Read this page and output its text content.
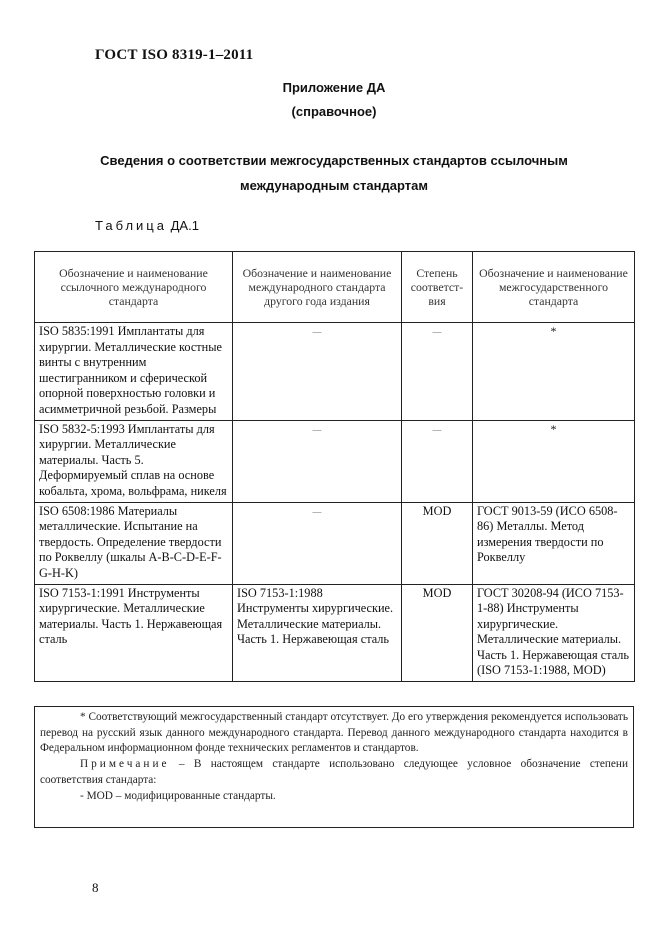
ГОСТ ISO 8319-1–2011
Приложение ДА
(справочное)
Сведения о соответствии межгосударственных стандартов ссылочным
международным стандартам
Таблица ДА.1
Обозначение и наименование ссылочного международного стандарта	Обозначение и наименование международного стандарта другого года издания	Степень соответст-вия	Обозначение и наименование межгосударственного стандарта
ISO 5835:1991 Имплантаты для хирургии. Металлические костные винты с внутренним шестигранником и сферической опорной поверхностью головки и асимметричной резьбой. Размеры	—	—	*
ISO 5832-5:1993 Имплантаты для хирургии. Металлические материалы. Часть 5. Деформируемый сплав на основе кобальта, хрома, вольфрама, никеля	—	—	*
ISO 6508:1986 Материалы металлические. Испытание на твердость. Определение твердости по Роквеллу (шкалы A-B-C-D-E-F-G-H-K)	—	MOD	ГОСТ 9013-59 (ИСО 6508-86) Металлы. Метод измерения твердости по Роквеллу
ISO 7153-1:1991 Инструменты хирургические. Металлические материалы. Часть 1. Нержавеющая сталь	ISO 7153-1:1988 Инструменты хирургические. Металлические материалы. Часть 1. Нержавеющая сталь	MOD	ГОСТ 30208-94 (ИСО 7153-1-88) Инструменты хирургические. Металлические материалы. Часть 1. Нержавеющая сталь (ISO 7153-1:1988, MOD)

* Соответствующий межгосударственный стандарт отсутствует. До его утверждения рекомендуется использовать перевод на русский язык данного международного стандарта. Перевод данного международного стандарта находится в Федеральном информационном фонде технических регламентов и стандартов.

Примечание – В настоящем стандарте использовано следующее условное обозначение степени соответствия стандарта:

- MOD – модифицированные стандарты.

8
